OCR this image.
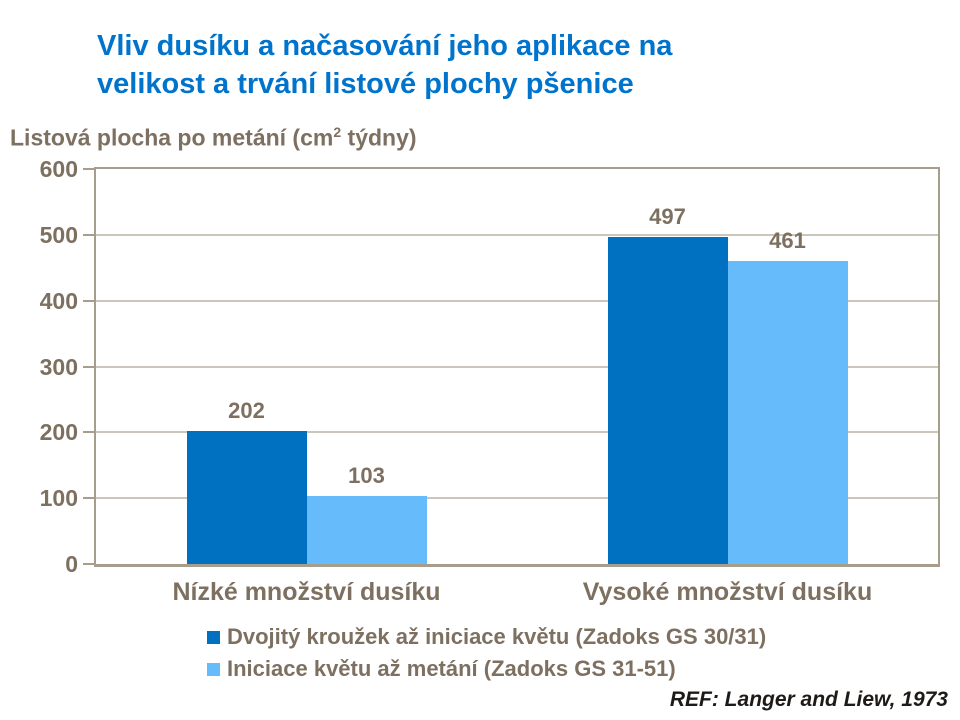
Vliv dusíku a načasování jeho aplikace na
velikost a trvání listové plochy pšenice
Listová plocha po metání ($cm^2$ týdny)
202
103
497
461
0
100
200
300
400
500
600
Nízké množství dusíku	Vysoké množství dusíku
Dvojitý kroužek až iniciace květu (Zadoks GS 30/31)
Iniciace květu až metání (Zadoks GS 31-51)
REF: Langer and Liew, 1973
